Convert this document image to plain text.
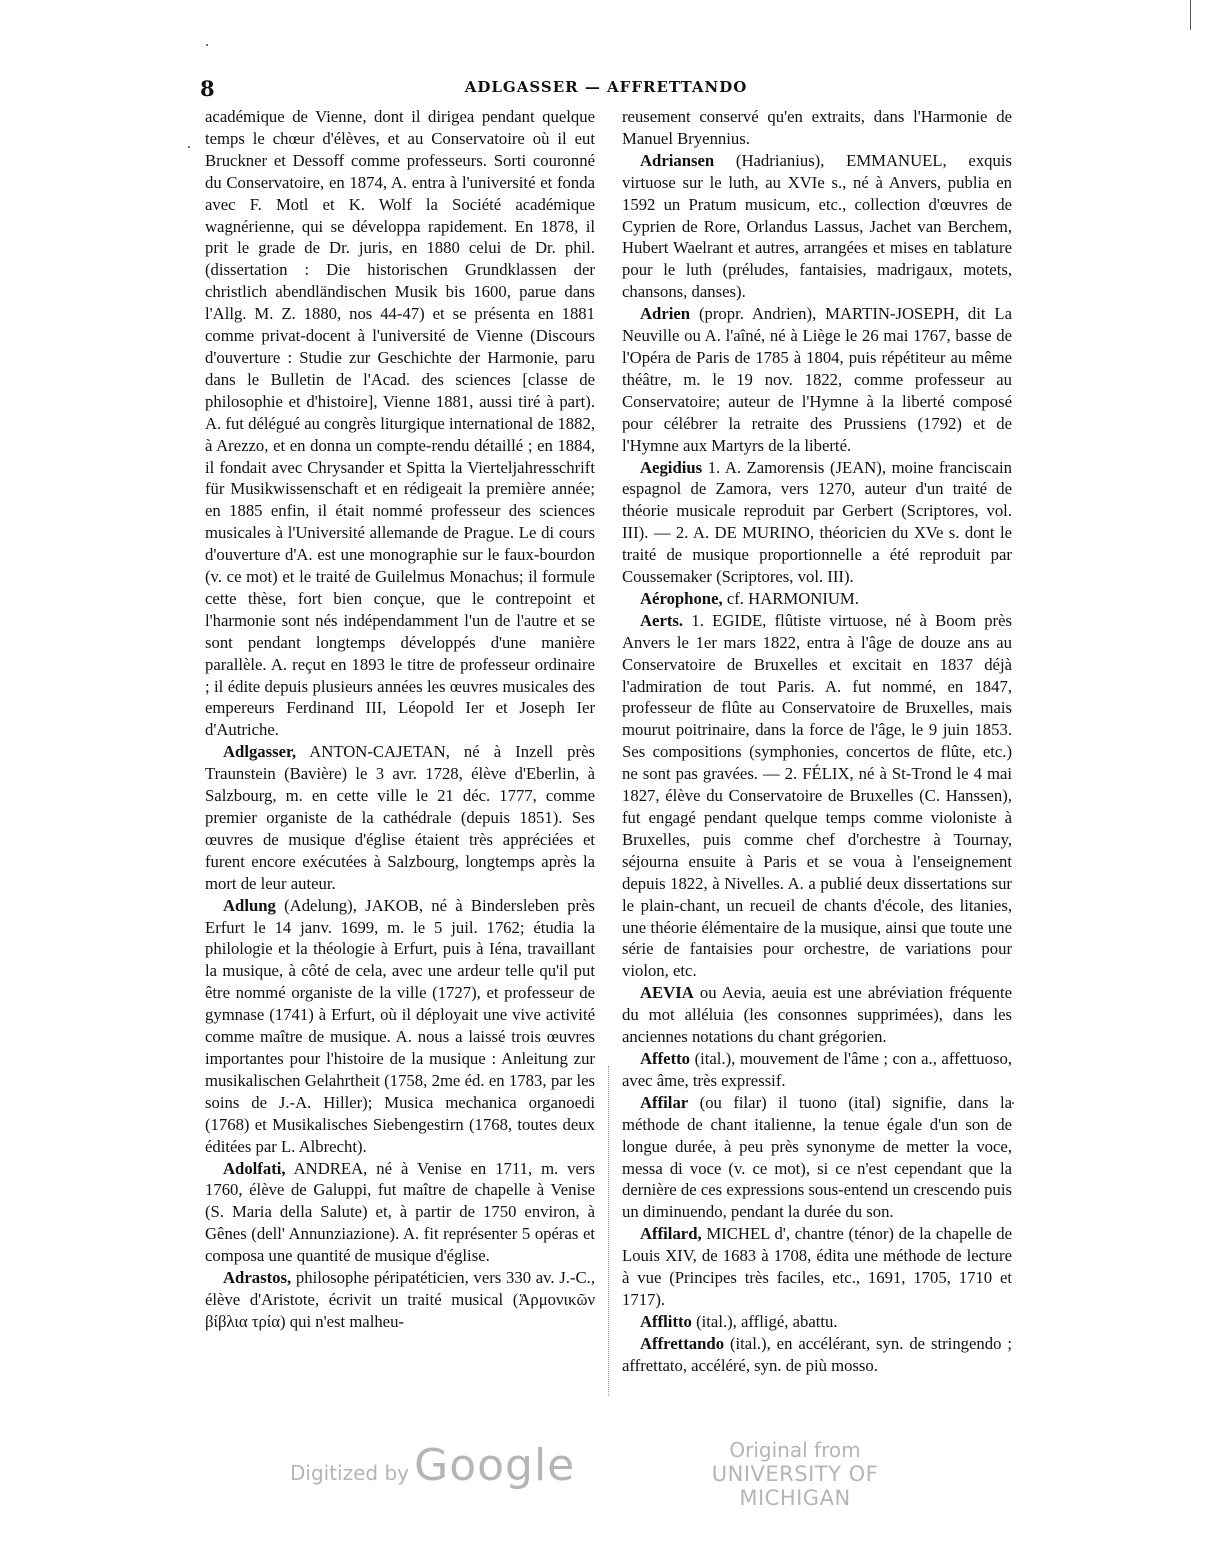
8	ADLGASSER — AFFRETTANDO

académique de Vienne, dont il dirigea pendant quelque temps le chœur d'élèves, et au Conservatoire où il eut Bruckner et Dessoff comme professeurs. Sorti couronné du Conservatoire, en 1874, A. entra à l'université et fonda avec F. Motl et K. Wolf la Société académique wagnérienne, qui se développa rapidement. En 1878, il prit le grade de Dr. juris, en 1880 celui de Dr. phil. (dissertation : Die historischen Grundklassen der christlich abendländischen Musik bis 1600, parue dans l'Allg. M. Z. 1880, nos 44-47) et se présenta en 1881 comme privat-docent à l'université de Vienne (Discours d'ouverture : Studie zur Geschichte der Harmonie, paru dans le Bulletin de l'Acad. des sciences [classe de philosophie et d'histoire], Vienne 1881, aussi tiré à part). A. fut délégué au congrès liturgique international de 1882, à Arezzo, et en donna un compte-rendu détaillé ; en 1884, il fondait avec Chrysander et Spitta la Vierteljahresschrift für Musikwissenschaft et en rédigeait la première année; en 1885 enfin, il était nommé professeur des sciences musicales à l'Université allemande de Prague. Le di cours d'ouverture d'A. est une monographie sur le faux-bourdon (v. ce mot) et le traité de Guilelmus Monachus; il formule cette thèse, fort bien conçue, que le contrepoint et l'harmonie sont nés indépendamment l'un de l'autre et se sont pendant longtemps développés d'une manière parallèle. A. reçut en 1893 le titre de professeur ordinaire ; il édite depuis plusieurs années les œuvres musicales des empereurs Ferdinand III, Léopold Ier et Joseph Ier d'Autriche.

Adlgasser, ANTON-CAJETAN, né à Inzell près Traunstein (Bavière) le 3 avr. 1728, élève d'Eberlin, à Salzbourg, m. en cette ville le 21 déc. 1777, comme premier organiste de la cathédrale (depuis 1851). Ses œuvres de musique d'église étaient très appréciées et furent encore exécutées à Salzbourg, longtemps après la mort de leur auteur.

Adlung (Adelung), JAKOB, né à Bindersleben près Erfurt le 14 janv. 1699, m. le 5 juil. 1762; étudia la philologie et la théologie à Erfurt, puis à Iéna, travaillant la musique, à côté de cela, avec une ardeur telle qu'il put être nommé organiste de la ville (1727), et professeur de gymnase (1741) à Erfurt, où il déployait une vive activité comme maître de musique. A. nous a laissé trois œuvres importantes pour l'histoire de la musique : Anleitung zur musikalischen Gelahrtheit (1758, 2me éd. en 1783, par les soins de J.-A. Hiller); Musica mechanica organoedi (1768) et Musikalisches Siebengestirn (1768, toutes deux éditées par L. Albrecht).

Adolfati, ANDREA, né à Venise en 1711, m. vers 1760, élève de Galuppi, fut maître de chapelle à Venise (S. Maria della Salute) et, à partir de 1750 environ, à Gênes (dell' Annunziazione). A. fit représenter 5 opéras et composa une quantité de musique d'église.

Adrastos, philosophe péripatéticien, vers 330 av. J.-C., élève d'Aristote, écrivit un traité musical (Ἁρμονικῶν βίβλια τρία) qui n'est malheu-

reusement conservé qu'en extraits, dans l'Harmonie de Manuel Bryennius.

Adriansen (Hadrianius), EMMANUEL, exquis virtuose sur le luth, au XVIe s., né à Anvers, publia en 1592 un Pratum musicum, etc., collection d'œuvres de Cyprien de Rore, Orlandus Lassus, Jachet van Berchem, Hubert Waelrant et autres, arrangées et mises en tablature pour le luth (préludes, fantaisies, madrigaux, motets, chansons, danses).

Adrien (propr. Andrien), MARTIN-JOSEPH, dit La Neuville ou A. l'aîné, né à Liège le 26 mai 1767, basse de l'Opéra de Paris de 1785 à 1804, puis répétiteur au même théâtre, m. le 19 nov. 1822, comme professeur au Conservatoire; auteur de l'Hymne à la liberté composé pour célébrer la retraite des Prussiens (1792) et de l'Hymne aux Martyrs de la liberté.

Aegidius 1. A. Zamorensis (JEAN), moine franciscain espagnol de Zamora, vers 1270, auteur d'un traité de théorie musicale reproduit par Gerbert (Scriptores, vol. III). — 2. A. DE MURINO, théoricien du XVe s. dont le traité de musique proportionnelle a été reproduit par Coussemaker (Scriptores, vol. III).

Aérophone, cf. HARMONIUM.

Aerts. 1. EGIDE, flûtiste virtuose, né à Boom près Anvers le 1er mars 1822, entra à l'âge de douze ans au Conservatoire de Bruxelles et excitait en 1837 déjà l'admiration de tout Paris. A. fut nommé, en 1847, professeur de flûte au Conservatoire de Bruxelles, mais mourut poitrinaire, dans la force de l'âge, le 9 juin 1853. Ses compositions (symphonies, concertos de flûte, etc.) ne sont pas gravées. — 2. FÉLIX, né à St-Trond le 4 mai 1827, élève du Conservatoire de Bruxelles (C. Hanssen), fut engagé pendant quelque temps comme violoniste à Bruxelles, puis comme chef d'orchestre à Tournay, séjourna ensuite à Paris et se voua à l'enseignement depuis 1822, à Nivelles. A. a publié deux dissertations sur le plain-chant, un recueil de chants d'école, des litanies, une théorie élémentaire de la musique, ainsi que toute une série de fantaisies pour orchestre, de variations pour violon, etc.

AEVIA ou Aevia, aeuia est une abréviation fréquente du mot alléluia (les consonnes supprimées), dans les anciennes notations du chant grégorien.

Affetto (ital.), mouvement de l'âme ; con a., affettuoso, avec âme, très expressif.

Affilar (ou filar) il tuono (ital) signifie, dans la méthode de chant italienne, la tenue égale d'un son de longue durée, à peu près synonyme de metter la voce, messa di voce (v. ce mot), si ce n'est cependant que la dernière de ces expressions sous-entend un crescendo puis un diminuendo, pendant la durée du son.

Affilard, MICHEL d', chantre (ténor) de la chapelle de Louis XIV, de 1683 à 1708, édita une méthode de lecture à vue (Principes très faciles, etc., 1691, 1705, 1710 et 1717).

Afflitto (ital.), affligé, abattu.

Affrettando (ital.), en accélérant, syn. de stringendo ; affrettato, accéléré, syn. de più mosso.

Digitized by Google	Original from
UNIVERSITY OF MICHIGAN
